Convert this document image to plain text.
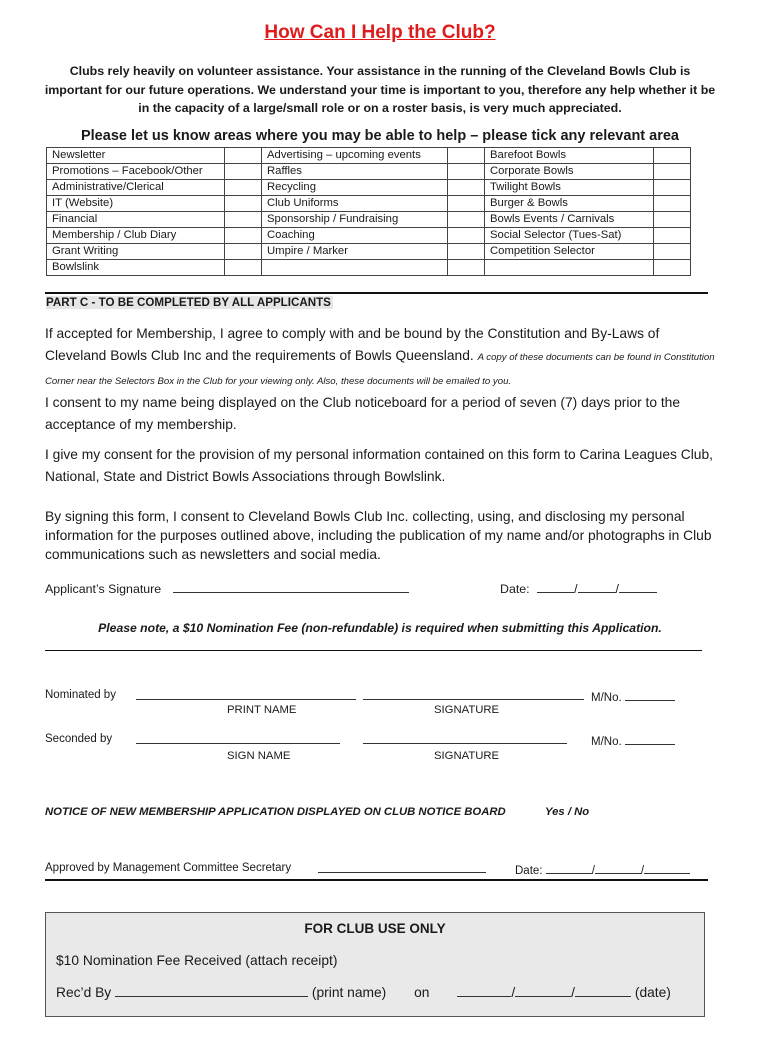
How Can I Help the Club?
Clubs rely heavily on volunteer assistance. Your assistance in the running of the Cleveland Bowls Club is important for our future operations. We understand your time is important to you, therefore any help whether it be in the capacity of a large/small role or on a roster basis, is very much appreciated.
Please let us know areas where you may be able to help – please tick any relevant area
Newsletter		Advertising – upcoming events		Barefoot Bowls	
Promotions – Facebook/Other		Raffles		Corporate Bowls	
Administrative/Clerical		Recycling		Twilight Bowls	
IT (Website)		Club Uniforms		Burger & Bowls	
Financial		Sponsorship / Fundraising		Bowls Events / Carnivals	
Membership / Club Diary		Coaching		Social Selector (Tues-Sat)	
Grant Writing		Umpire / Marker		Competition Selector	
Bowlslink					
PART C - TO BE COMPLETED BY ALL APPLICANTS
If accepted for Membership, I agree to comply with and be bound by the Constitution and By-Laws of Cleveland Bowls Club Inc and the requirements of Bowls Queensland. A copy of these documents can be found in Constitution Corner near the Selectors Box in the Club for your viewing only. Also, these documents will be emailed to you.
I consent to my name being displayed on the Club noticeboard for a period of seven (7) days prior to the acceptance of my membership.
I give my consent for the provision of my personal information contained on this form to Carina Leagues Club, National, State and District Bowls Associations through Bowlslink.
By signing this form, I consent to Cleveland Bowls Club Inc. collecting, using, and disclosing my personal information for the purposes outlined above, including the publication of my name and/or photographs in Club communications such as newsletters and social media.
Applicant’s Signature	Date:	/	/
Please note, a $10 Nomination Fee (non-refundable) is required when submitting this Application.
Nominated by	M/No.
PRINT NAME	SIGNATURE
Seconded by	M/No.
SIGN NAME	SIGNATURE
NOTICE OF NEW MEMBERSHIP APPLICATION DISPLAYED ON CLUB NOTICE BOARD	Yes / No
Approved by Management Committee Secretary	Date:	/	/
FOR CLUB USE ONLY
$10 Nomination Fee Received (attach receipt)
Rec’d By	(print name) on	/	/	(date)
